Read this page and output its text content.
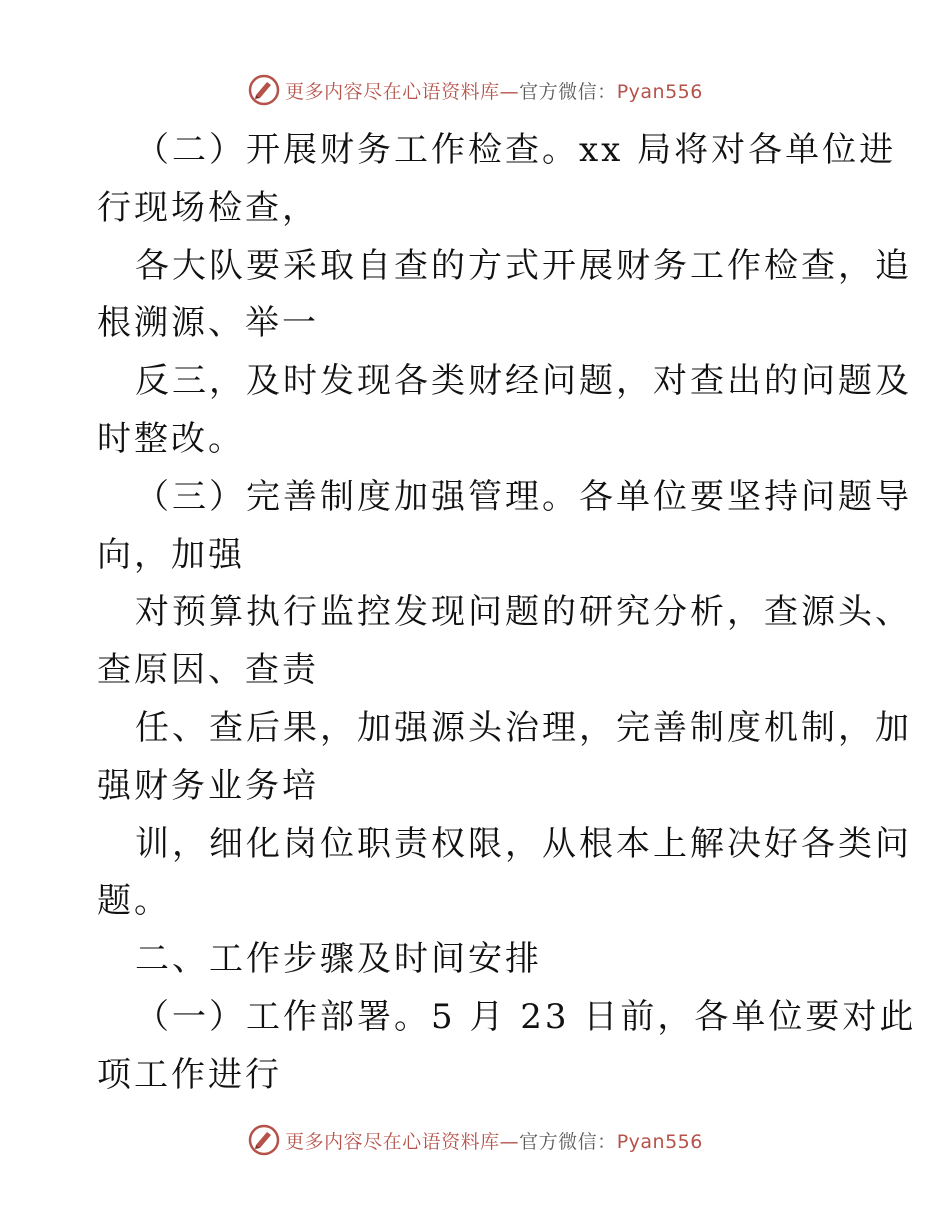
更多内容尽在心语资料库—官方微信：Pyan556
（二）开展财务工作检查。xx 局将对各单位进
行现场检查，
各大队要采取自查的方式开展财务工作检查，追
根溯源、举一
反三，及时发现各类财经问题，对查出的问题及
时整改。
（三）完善制度加强管理。各单位要坚持问题导
向，加强
对预算执行监控发现问题的研究分析，查源头、
查原因、查责
任、查后果，加强源头治理，完善制度机制，加
强财务业务培
训，细化岗位职责权限，从根本上解决好各类问
题。
二、工作步骤及时间安排
（一）工作部署。5 月 23 日前，各单位要对此
项工作进行
更多内容尽在心语资料库—官方微信：Pyan556
